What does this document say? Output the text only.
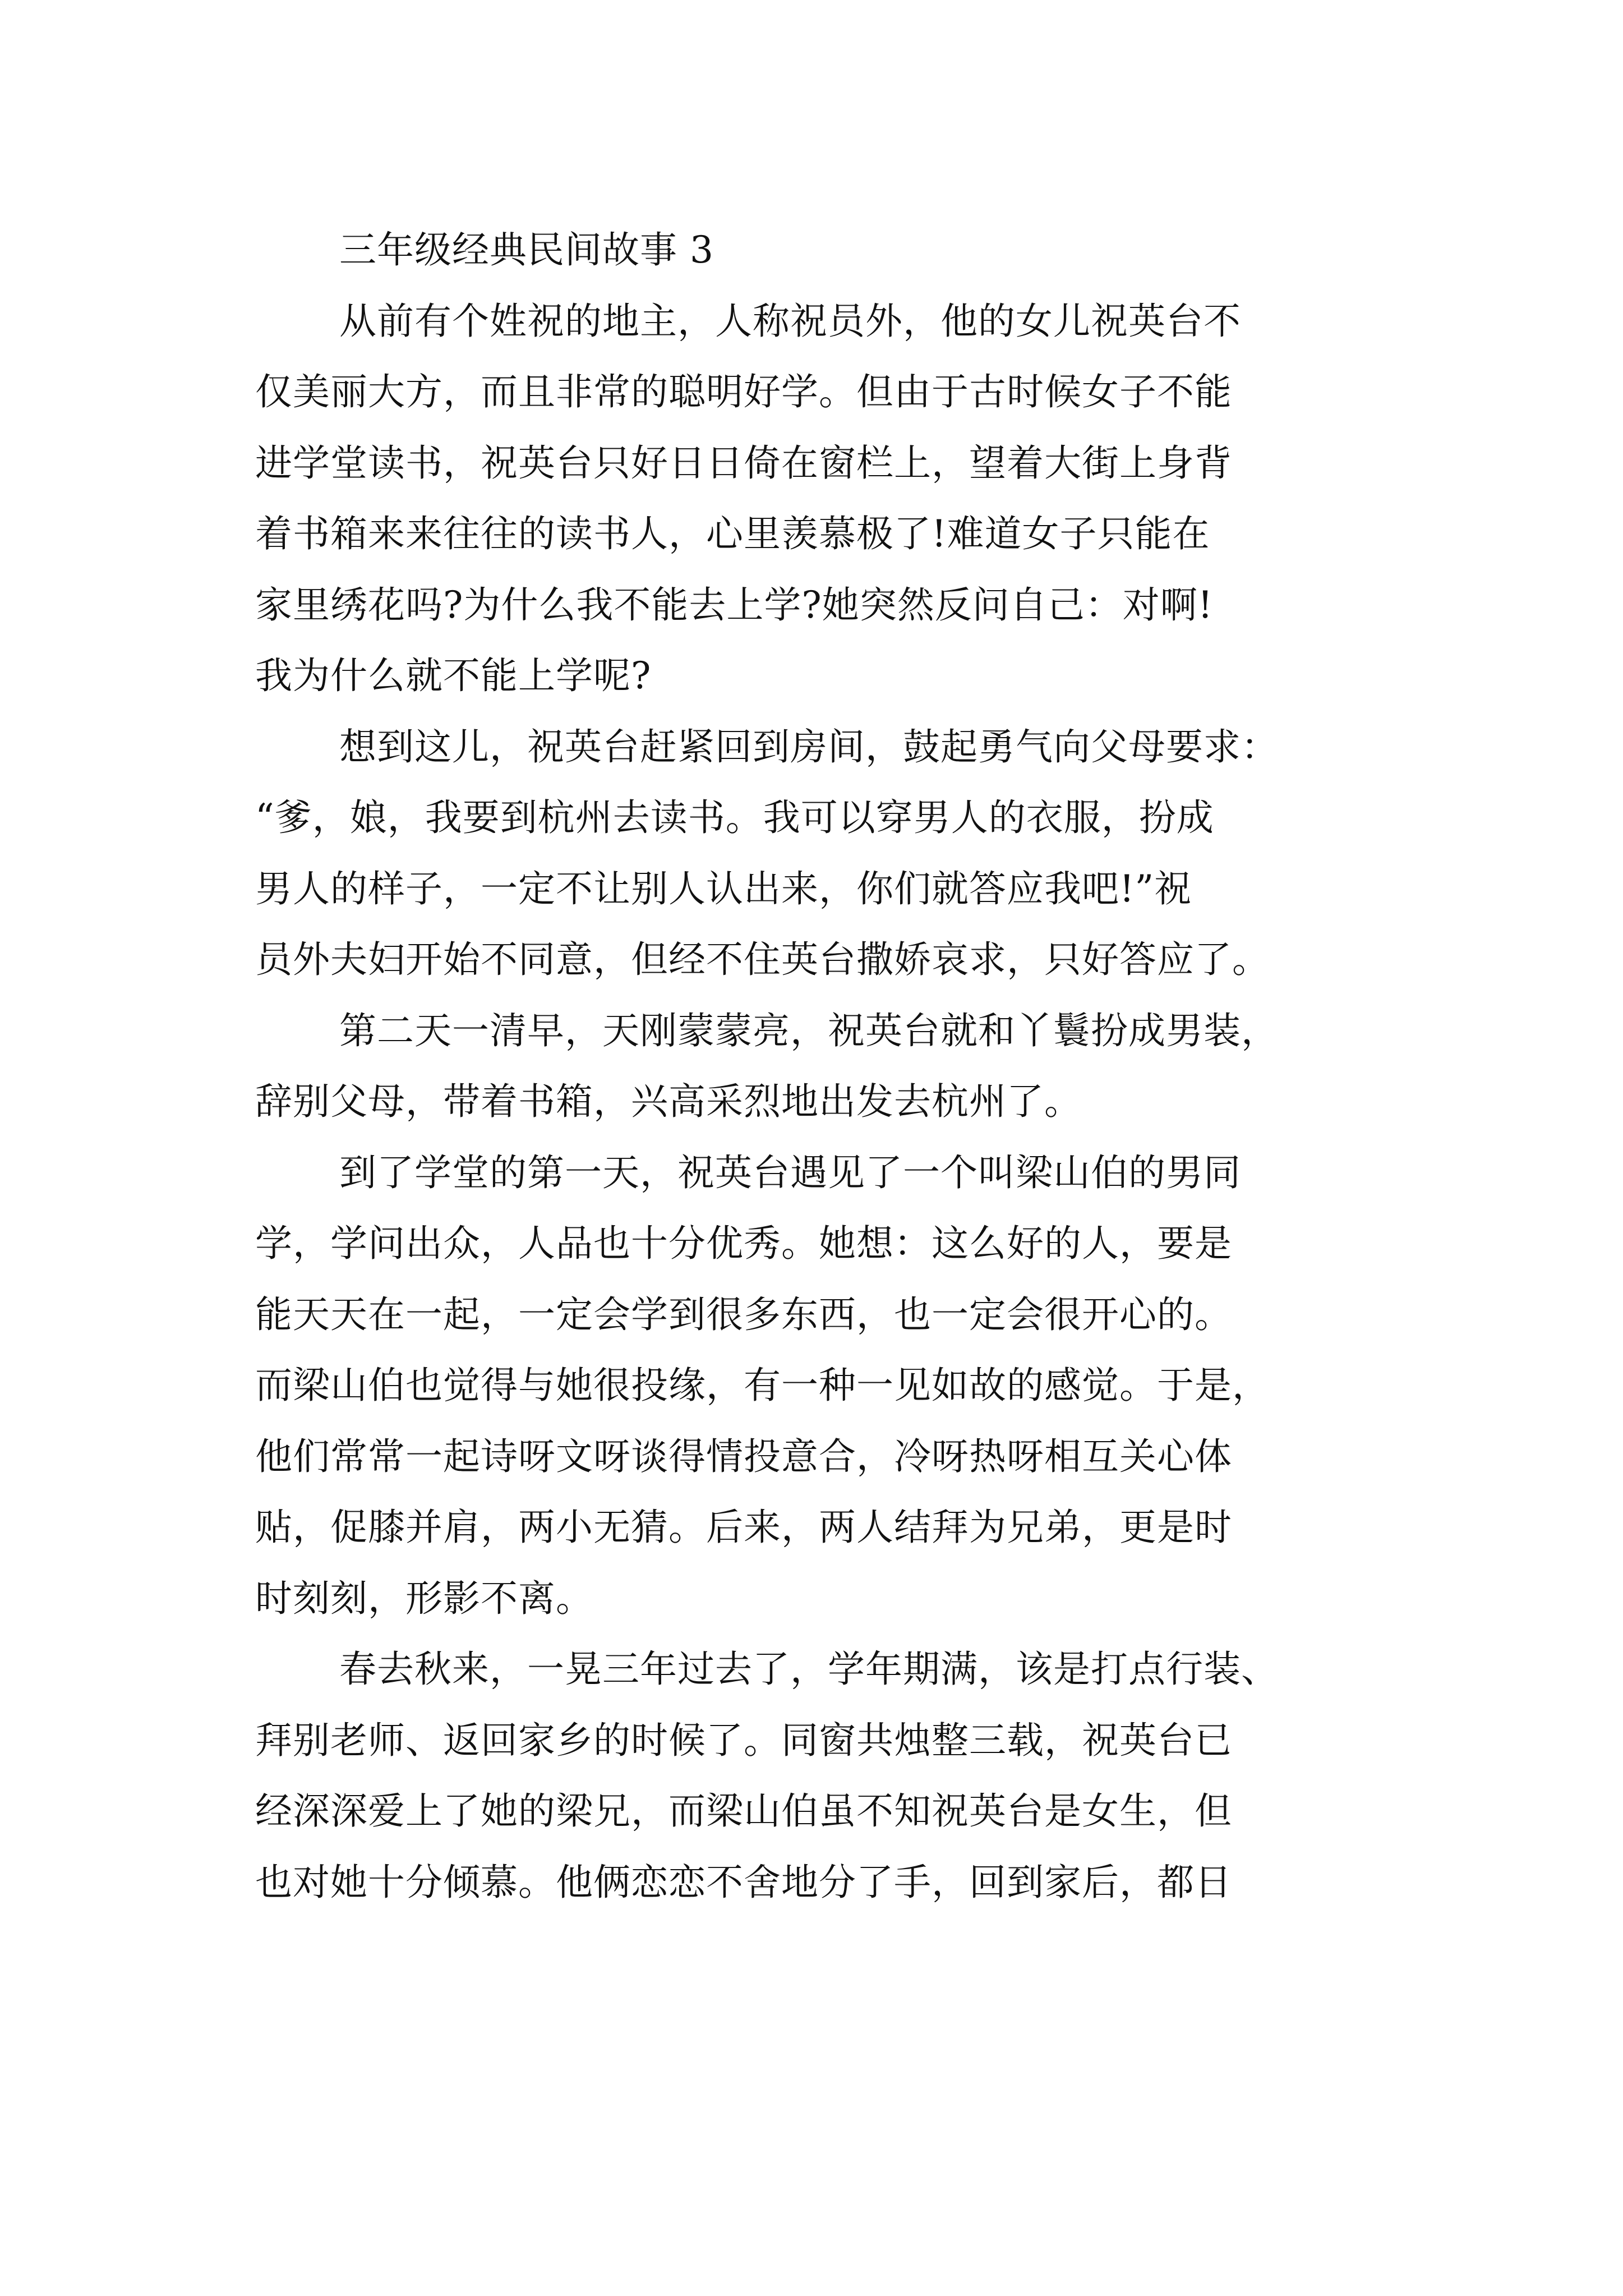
三年级经典民间故事 3

从前有个姓祝的地主，人称祝员外，他的女儿祝英台不
仅美丽大方，而且非常的聪明好学。但由于古时候女子不能
进学堂读书，祝英台只好日日倚在窗栏上，望着大街上身背
着书箱来来往往的读书人，心里羡慕极了!难道女子只能在
家里绣花吗?为什么我不能去上学?她突然反问自己：对啊!
我为什么就不能上学呢?

想到这儿，祝英台赶紧回到房间，鼓起勇气向父母要求：
“爹，娘，我要到杭州去读书。我可以穿男人的衣服，扮成
男人的样子，一定不让别人认出来，你们就答应我吧!”祝
员外夫妇开始不同意，但经不住英台撒娇哀求，只好答应了。

第二天一清早，天刚蒙蒙亮，祝英台就和丫鬟扮成男装，
辞别父母，带着书箱，兴高采烈地出发去杭州了。

到了学堂的第一天，祝英台遇见了一个叫梁山伯的男同
学，学问出众，人品也十分优秀。她想：这么好的人，要是
能天天在一起，一定会学到很多东西，也一定会很开心的。
而梁山伯也觉得与她很投缘，有一种一见如故的感觉。于是，
他们常常一起诗呀文呀谈得情投意合，冷呀热呀相互关心体
贴，促膝并肩，两小无猜。后来，两人结拜为兄弟，更是时
时刻刻，形影不离。

春去秋来，一晃三年过去了，学年期满，该是打点行装、
拜别老师、返回家乡的时候了。同窗共烛整三载，祝英台已
经深深爱上了她的梁兄，而梁山伯虽不知祝英台是女生，但
也对她十分倾慕。他俩恋恋不舍地分了手，回到家后，都日
